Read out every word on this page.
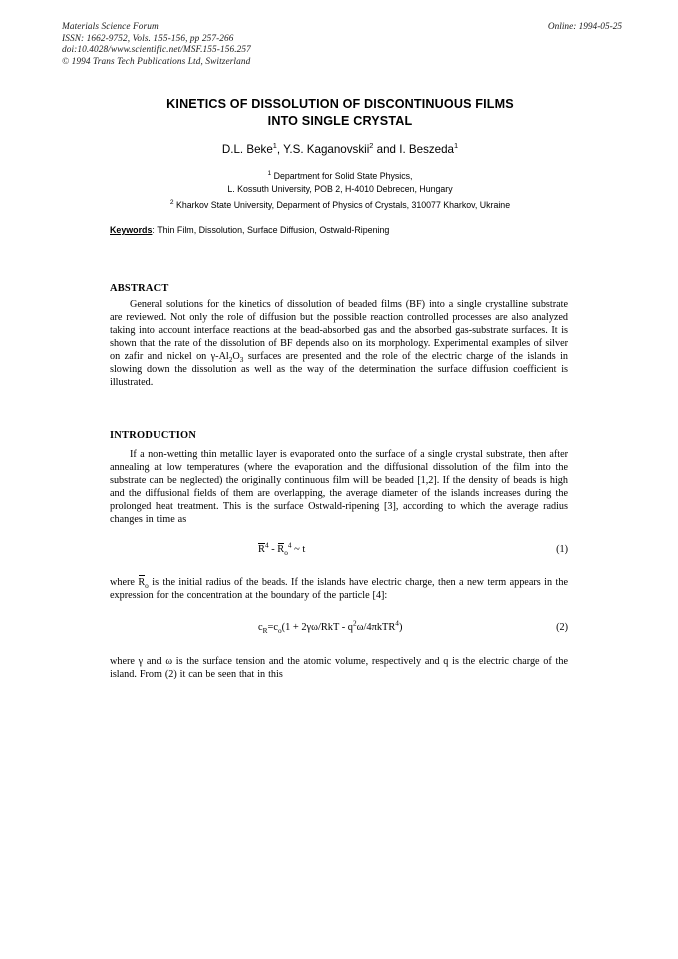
Materials Science Forum
ISSN: 1662-9752, Vols. 155-156, pp 257-266
doi:10.4028/www.scientific.net/MSF.155-156.257
© 1994 Trans Tech Publications Ltd, Switzerland
Online: 1994-05-25
KINETICS OF DISSOLUTION OF DISCONTINUOUS FILMS
INTO SINGLE CRYSTAL
D.L. Beke$^1$, Y.S. Kaganovskii$^2$ and I. Beszeda$^1$
$^1$ Department for Solid State Physics,
L. Kossuth University, POB 2, H-4010 Debrecen, Hungary
$^2$ Kharkov State University, Deparment of Physics of Crystals, 310077 Kharkov, Ukraine
Keywords: Thin Film, Dissolution, Surface Diffusion, Ostwald-Ripening
ABSTRACT
General solutions for the kinetics of dissolution of beaded films (BF) into a single crystalline substrate are reviewed. Not only the role of diffusion but the possible reaction controlled processes are also analyzed taking into account interface reactions at the bead-absorbed gas and the absorbed gas-substrate surfaces. It is shown that the rate of the dissolution of BF depends also on its morphology. Experimental examples of silver on zafir and nickel on $\gamma-Al_2O_3$ surfaces are presented and the role of the electric charge of the islands in slowing down the dissolution as well as the way of the determination the surface diffusion coefficient is illustrated.
INTRODUCTION
If a non-wetting thin metallic layer is evaporated onto the surface of a single crystal substrate, then after annealing at low temperatures (where the evaporation and the diffusional dissolution of the film into the substrate can be neglected) the originally continuous film will be beaded [1,2]. If the density of beads is high and the diffusional fields of them are overlapping, the average diameter of the islands increases during the prolonged heat treatment. This is the surface Ostwald-ripening [3], according to which the average radius changes in time as
(1)
$R^4 - R_o^4$ ~ t
where $R_o$ is the initial radius of the beads. If the islands have electric charge, then a new term appears in the expression for the concentration at the boundary of the particle [4]:
(2)
$c_R=c_o(1 + 2\gamma\omega/RkT - q^2\omega/4\pi kTR^4)$
where γ and ω is the surface tension and the atomic volume, respectively and q is the electric charge of the island. From (2) it can be seen that in this
